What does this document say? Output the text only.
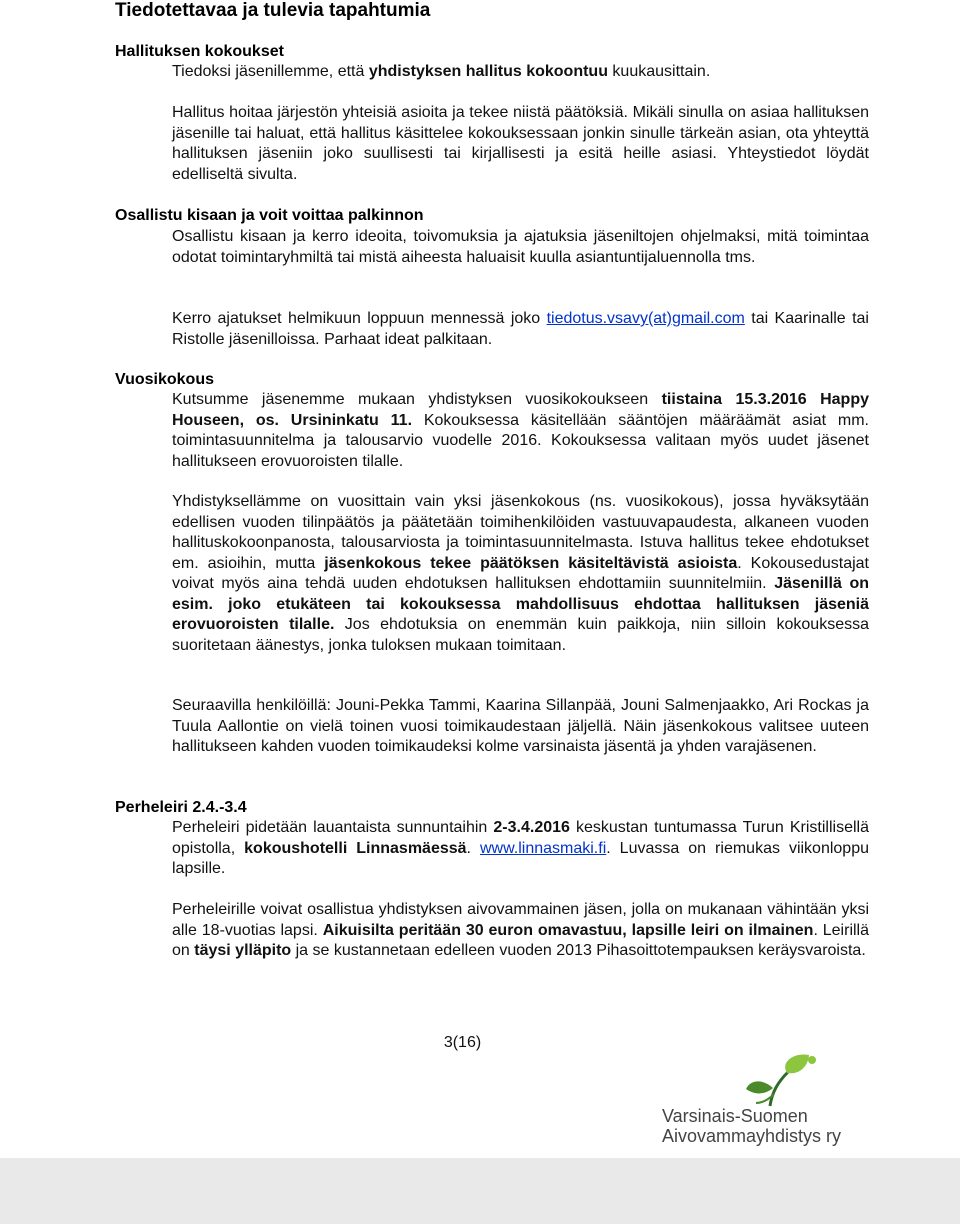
Tiedotettavaa ja tulevia tapahtumia
Hallituksen kokoukset

Tiedoksi jäsenillemme, että yhdistyksen hallitus kokoontuu kuukausittain.

Hallitus hoitaa järjestön yhteisiä asioita ja tekee niistä päätöksiä. Mikäli sinulla on asiaa hallituksen jäsenille tai haluat, että hallitus käsittelee kokouksessaan jonkin sinulle tärkeän asian, ota yhteyttä hallituksen jäseniin joko suullisesti tai kirjallisesti ja esitä heille asiasi. Yhteystiedot löydät edelliseltä sivulta.

Osallistu kisaan ja voit voittaa palkinnon

Osallistu kisaan ja kerro ideoita, toivomuksia ja ajatuksia jäseniltojen ohjelmaksi, mitä toimintaa odotat toimintaryhmiltä tai mistä aiheesta haluaisit kuulla asiantuntijaluennolla tms.

Kerro ajatukset helmikuun loppuun mennessä joko tiedotus.vsavy(at)gmail.com tai Kaarinalle tai Ristolle jäsenilloissa. Parhaat ideat palkitaan.

Vuosikokous

Kutsumme jäsenemme mukaan yhdistyksen vuosikokoukseen tiistaina 15.3.2016 Happy Houseen, os. Ursininkatu 11. Kokouksessa käsitellään sääntöjen määräämät asiat mm. toimintasuunnitelma ja talousarvio vuodelle 2016. Kokouksessa valitaan myös uudet jäsenet hallitukseen erovuoroisten tilalle.

Yhdistyksellämme on vuosittain vain yksi jäsenkokous (ns. vuosikokous), jossa hyväksytään edellisen vuoden tilinpäätös ja päätetään toimihenkilöiden vastuuvapaudesta, alkaneen vuoden hallituskokoonpanosta, talousarviosta ja toimintasuunnitelmasta. Istuva hallitus tekee ehdotukset em. asioihin, mutta jäsenkokous tekee päätöksen käsiteltävistä asioista. Kokousedustajat voivat myös aina tehdä uuden ehdotuksen hallituksen ehdottamiin suunnitelmiin. Jäsenillä on esim. joko etukäteen tai kokouksessa mahdollisuus ehdottaa hallituksen jäseniä erovuoroisten tilalle. Jos ehdotuksia on enemmän kuin paikkoja, niin silloin kokouksessa suoritetaan äänestys, jonka tuloksen mukaan toimitaan.

Seuraavilla henkilöillä: Jouni-Pekka Tammi, Kaarina Sillanpää, Jouni Salmenjaakko, Ari Rockas ja Tuula Aallontie on vielä toinen vuosi toimikaudestaan jäljellä. Näin jäsenkokous valitsee uuteen hallitukseen kahden vuoden toimikaudeksi kolme varsinaista jäsentä ja yhden varajäsenen.

Perheleiri 2.4.-3.4

Perheleiri pidetään lauantaista sunnuntaihin 2-3.4.2016 keskustan tuntumassa Turun Kristillisellä opistolla, kokoushotelli Linnasmäessä. www.linnasmaki.fi. Luvassa on riemukas viikonloppu lapsille.

Perheleirille voivat osallistua yhdistyksen aivovammainen jäsen, jolla on mukanaan vähintään yksi alle 18-vuotias lapsi. Aikuisilta peritään 30 euron omavastuu, lapsille leiri on ilmainen. Leirillä on täysi ylläpito ja se kustannetaan edelleen vuoden 2013 Pihasoittotempauksen keräysvaroista.

3(16)

Varsinais-Suomen
Aivovammayhdistys ry
